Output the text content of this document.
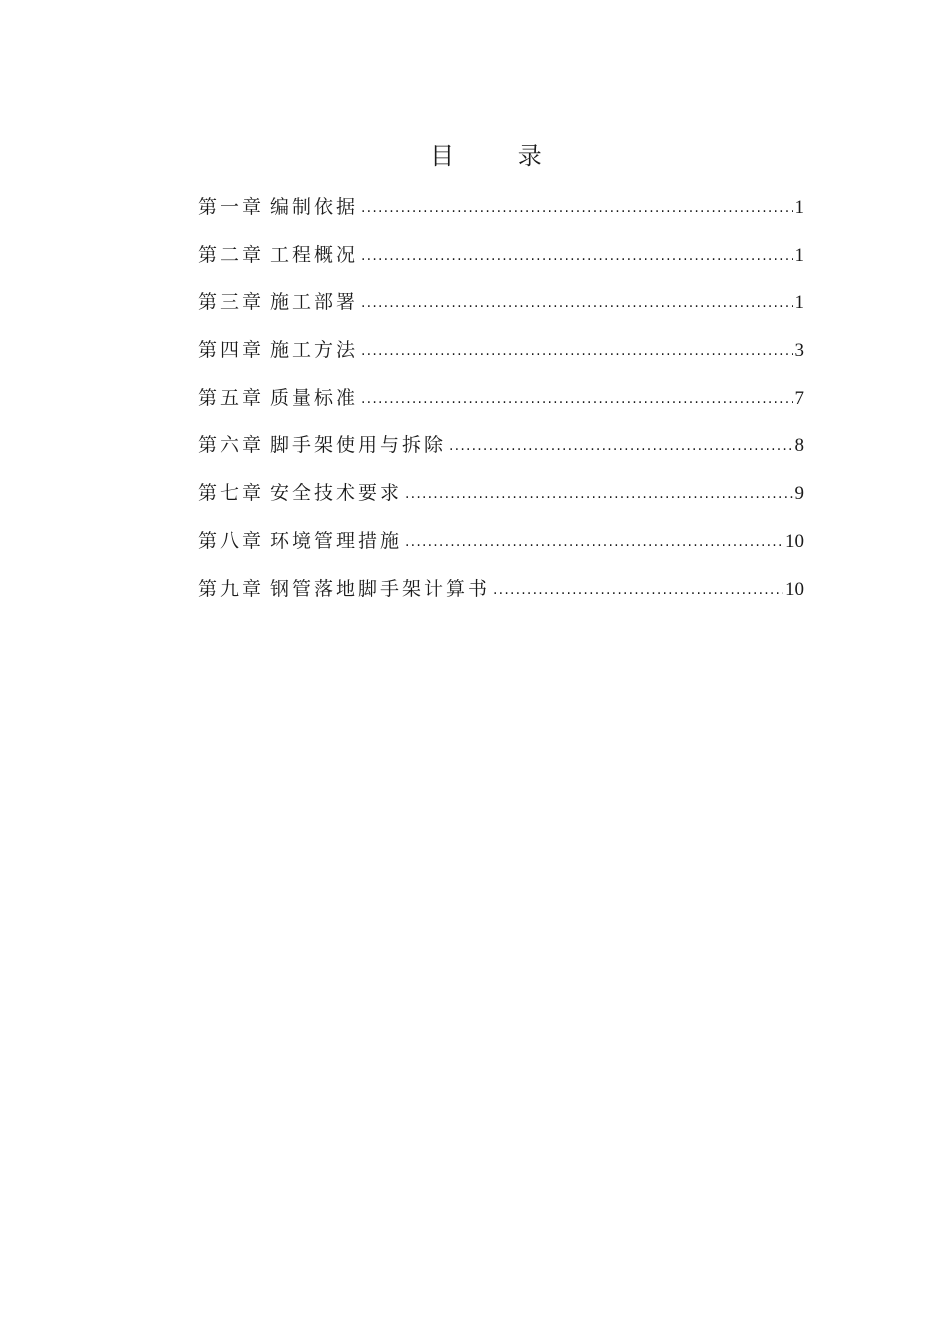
目 录
第一章 编制依据 .....	1
第二章 工程概况 .....	1
第三章 施工部署 .....	1
第四章 施工方法 .....	3
第五章 质量标准 .....	7
第六章 脚手架使用与拆除 .....	8
第七章 安全技术要求 .....	9
第八章 环境管理措施 .....	10
第九章 钢管落地脚手架计算书 .....	10
